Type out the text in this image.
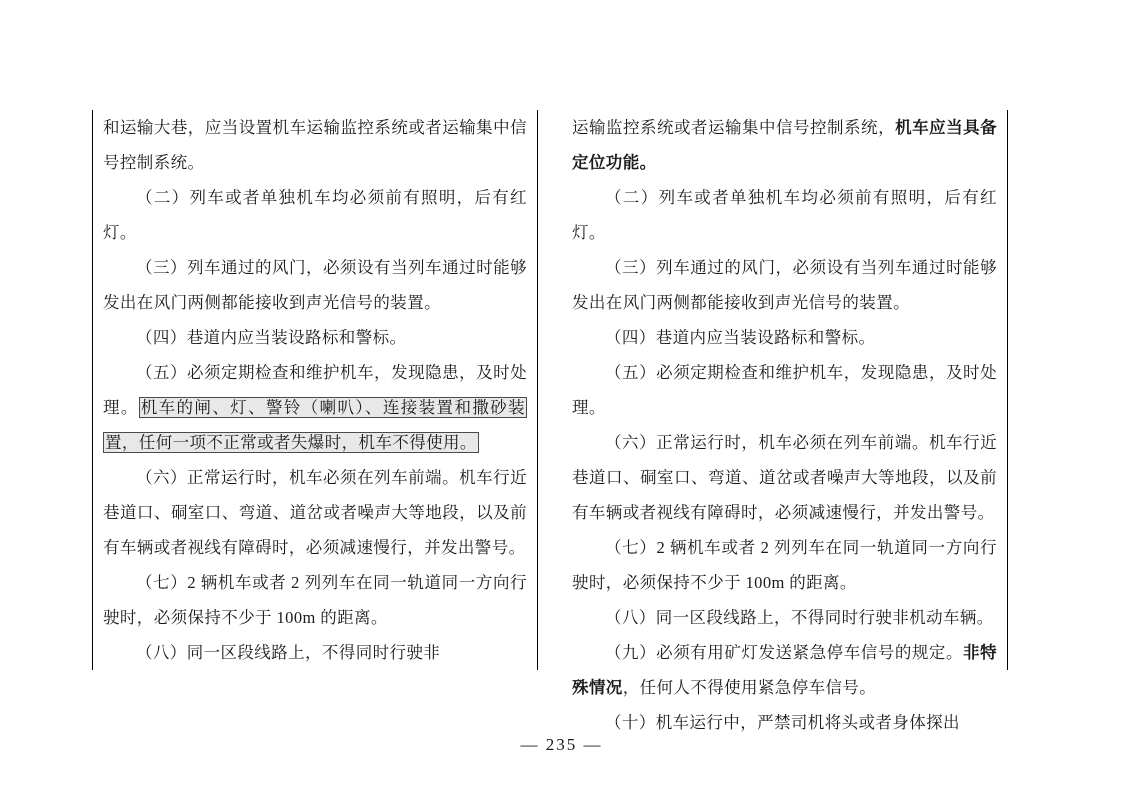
和运输大巷，应当设置机车运输监控系统或者运输集中信号控制系统。
（二）列车或者单独机车均必须前有照明，后有红灯。
（三）列车通过的风门，必须设有当列车通过时能够发出在风门两侧都能接收到声光信号的装置。
（四）巷道内应当装设路标和警标。
（五）必须定期检查和维护机车，发现隐患，及时处理。 机车的闸、灯、警铃（喇叭）、连接装置和撒砂装置，任何一项不正常或者失爆时，机车不得使用。
（六）正常运行时，机车必须在列车前端。机车行近巷道口、硐室口、弯道、道岔或者噪声大等地段，以及前有车辆或者视线有障碍时，必须减速慢行，并发出警号。
（七）2 辆机车或者 2 列列车在同一轨道同一方向行驶时，必须保持不少于 100m 的距离。
（八）同一区段线路上，不得同时行驶非
运输监控系统或者运输集中信号控制系统，机车应当具备定位功能。
（二）列车或者单独机车均必须前有照明，后有红灯。
（三）列车通过的风门，必须设有当列车通过时能够发出在风门两侧都能接收到声光信号的装置。
（四）巷道内应当装设路标和警标。
（五）必须定期检查和维护机车，发现隐患，及时处理。
（六）正常运行时，机车必须在列车前端。机车行近巷道口、硐室口、弯道、道岔或者噪声大等地段，以及前有车辆或者视线有障碍时，必须减速慢行，并发出警号。
（七）2 辆机车或者 2 列列车在同一轨道同一方向行驶时，必须保持不少于 100m 的距离。
（八）同一区段线路上，不得同时行驶非机动车辆。
（九）必须有用矿灯发送紧急停车信号的规定。非特殊情况，任何人不得使用紧急停车信号。
（十）机车运行中，严禁司机将头或者身体探出
— 235 —
